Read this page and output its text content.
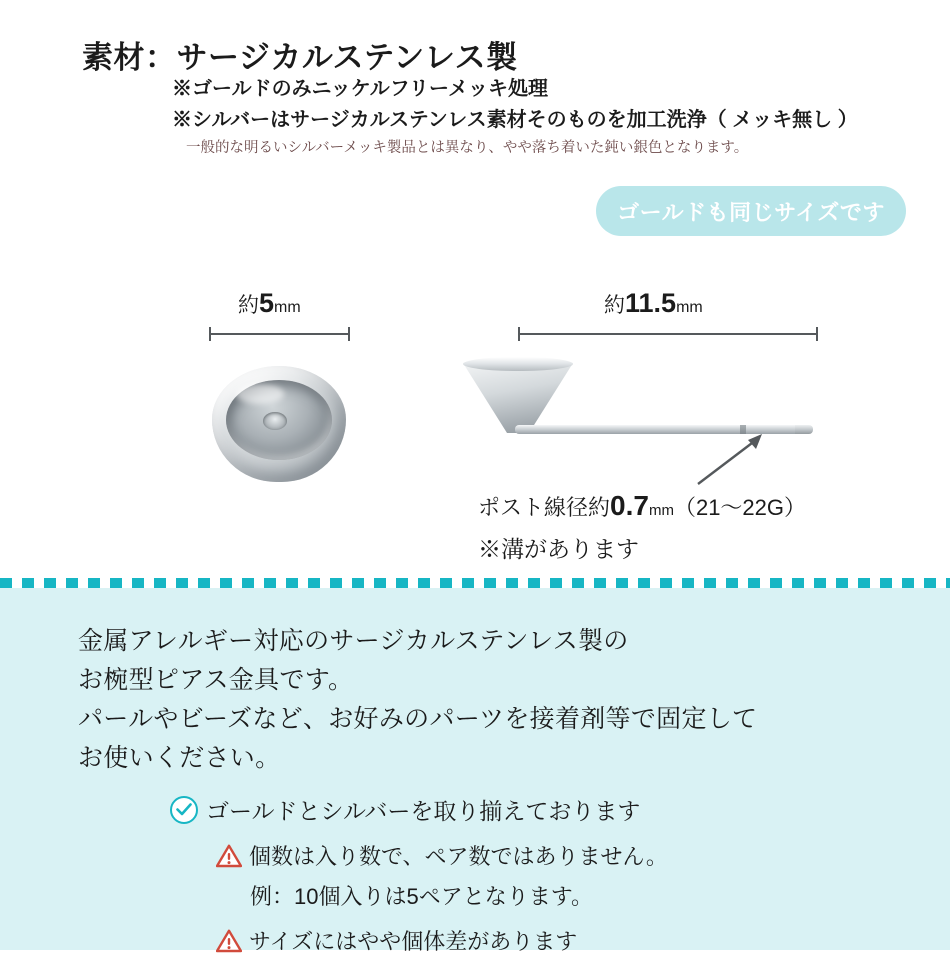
素材：サージカルステンレス製
※ゴールドのみニッケルフリーメッキ処理
※シルバーはサージカルステンレス素材そのものを加工洗浄（ メッキ無し ）
一般的な明るいシルバーメッキ製品とは異なり、やや落ち着いた鈍い銀色となります。
ゴールドも同じサイズです
約5mm	約11.5mm
ポスト線径約0.7mm（21〜22G）
※溝があります
金属アレルギー対応のサージカルステンレス製の
お椀型ピアス金具です。
パールやビーズなど、お好みのパーツを接着剤等で固定して
お使いください。
ゴールドとシルバーを取り揃えております
個数は入り数で、ペア数ではありません。
例：10個入りは5ペアとなります。
サイズにはやや個体差があります
